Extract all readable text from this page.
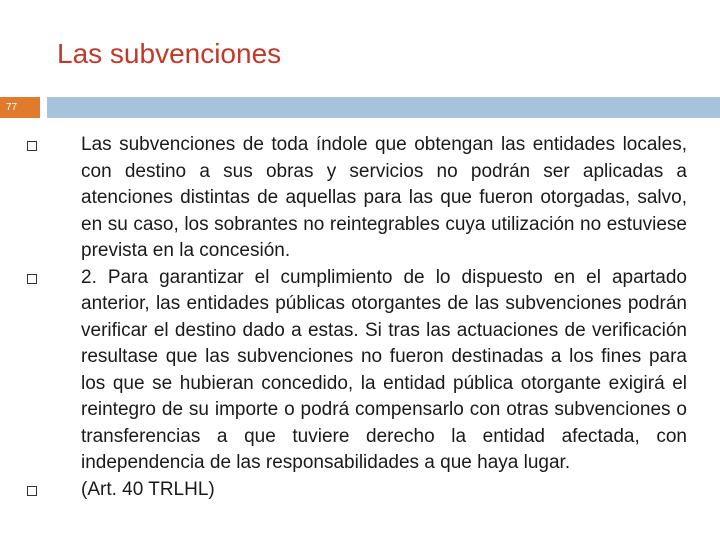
Las subvenciones
77
Las subvenciones de toda índole que obtengan las entidades locales, con destino a sus obras y servicios no podrán ser aplicadas a atenciones distintas de aquellas para las que fueron otorgadas, salvo, en su caso, los sobrantes no reintegrables cuya utilización no estuviese prevista en la concesión.
2. Para garantizar el cumplimiento de lo dispuesto en el apartado anterior, las entidades públicas otorgantes de las subvenciones podrán verificar el destino dado a estas. Si tras las actuaciones de verificación resultase que las subvenciones no fueron destinadas a los fines para los que se hubieran concedido, la entidad pública otorgante exigirá el reintegro de su importe o podrá compensarlo con otras subvenciones o transferencias a que tuviere derecho la entidad afectada, con independencia de las responsabilidades a que haya lugar.
(Art. 40 TRLHL)
